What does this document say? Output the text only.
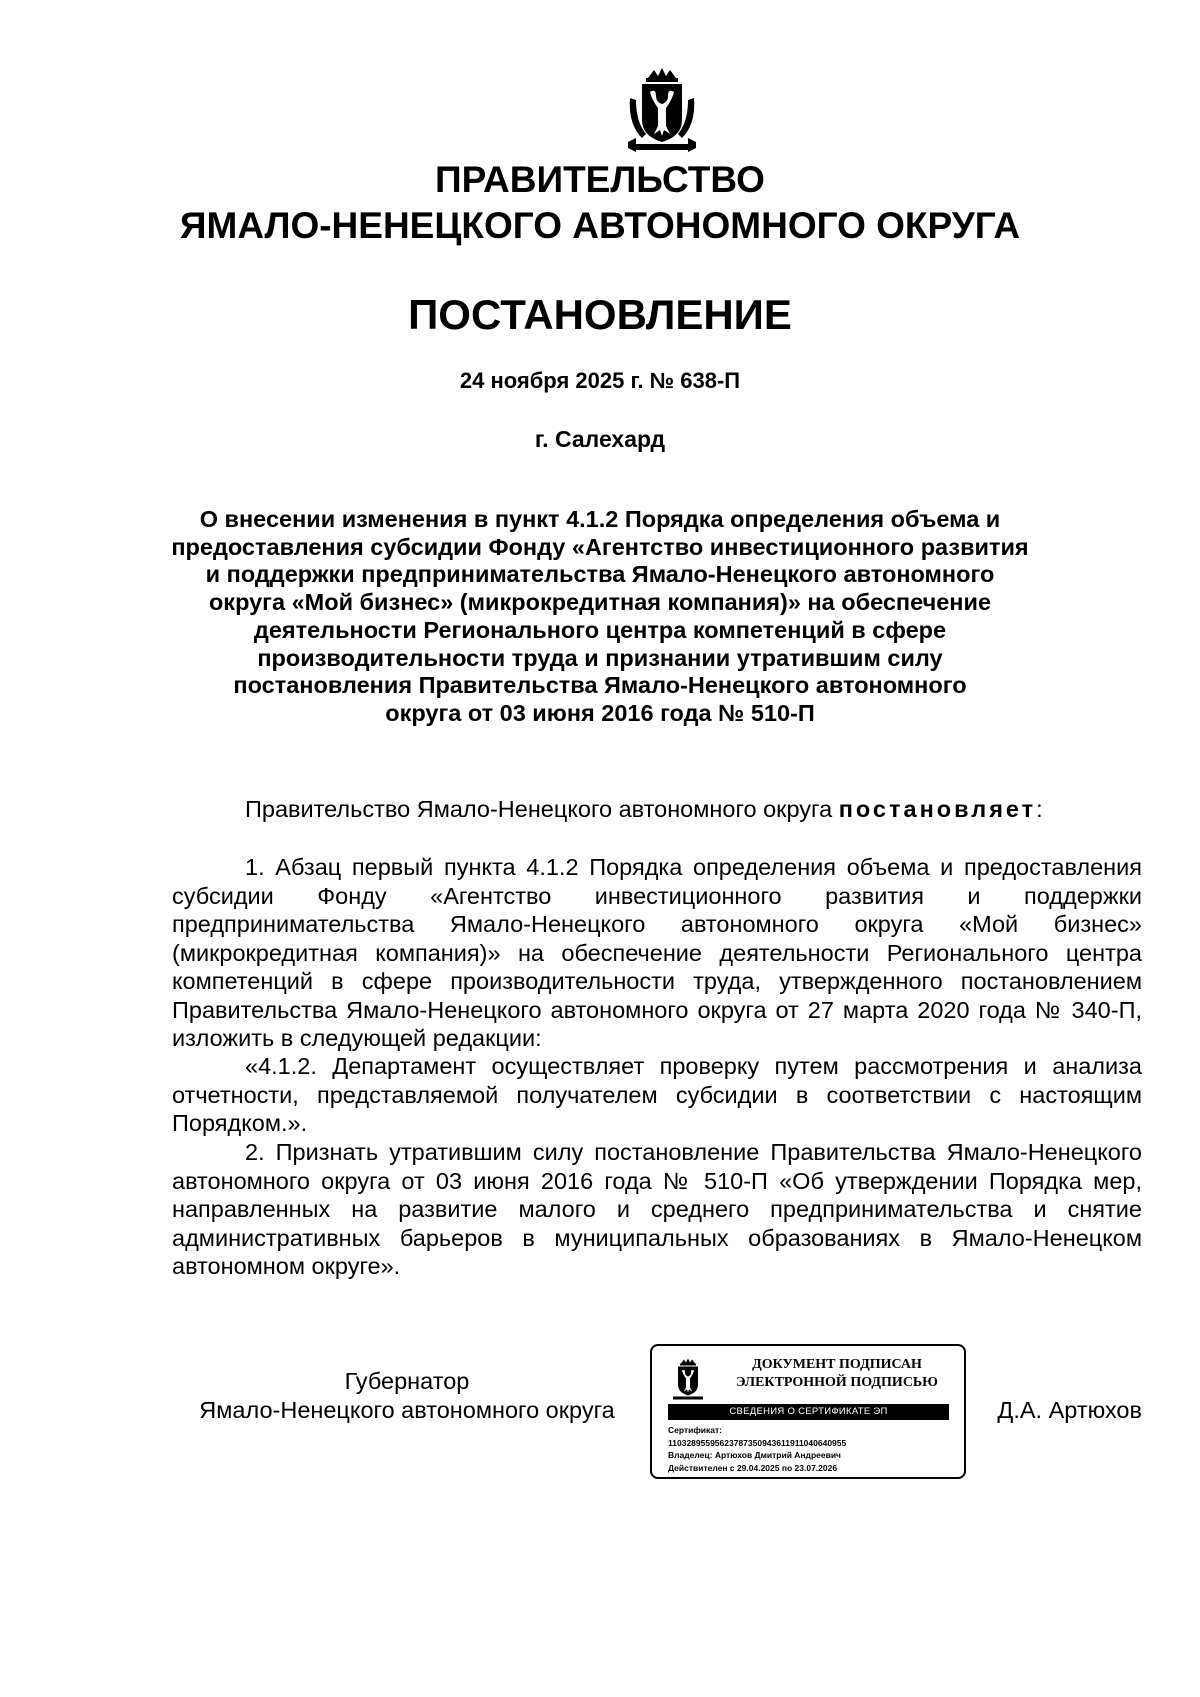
ПРАВИТЕЛЬСТВО
ЯМАЛО-НЕНЕЦКОГО АВТОНОМНОГО ОКРУГА
ПОСТАНОВЛЕНИЕ
24 ноября 2025 г. № 638-П
г. Салехард
О внесении изменения в пункт 4.1.2 Порядка определения объема и
предоставления субсидии Фонду «Агентство инвестиционного развития
и поддержки предпринимательства Ямало-Ненецкого автономного
округа «Мой бизнес» (микрокредитная компания)» на обеспечение
деятельности Регионального центра компетенций в сфере
производительности труда и признании утратившим силу
постановления Правительства Ямало-Ненецкого автономного
округа от 03 июня 2016 года № 510-П
Правительство Ямало-Ненецкого автономного округа постановляет:
1. Абзац первый пункта 4.1.2 Порядка определения объема и предоставления субсидии Фонду «Агентство инвестиционного развития и поддержки предпринимательства Ямало-Ненецкого автономного округа «Мой бизнес» (микрокредитная компания)» на обеспечение деятельности Регионального центра компетенций в сфере производительности труда, утвержденного постановлением Правительства Ямало-Ненецкого автономного округа от 27 марта 2020 года № 340-П, изложить в следующей редакции:
«4.1.2. Департамент осуществляет проверку путем рассмотрения и анализа отчетности, представляемой получателем субсидии в соответствии с настоящим Порядком.».
2. Признать утратившим силу постановление Правительства Ямало-Ненецкого автономного округа от 03 июня 2016 года № 510-П «Об утверждении Порядка мер, направленных на развитие малого и среднего предпринимательства и снятие административных барьеров в муниципальных образованиях в Ямало-Ненецком автономном округе».
Губернатор
Ямало-Ненецкого автономного округа
ДОКУМЕНТ ПОДПИСАН
ЭЛЕКТРОННОЙ ПОДПИСЬЮ
СВЕДЕНИЯ О СЕРТИФИКАТЕ ЭП
Сертификат:
11032895595623787350943611911040640955
Владелец: Артюхов Дмитрий Андреевич
Действителен с 29.04.2025 по 23.07.2026
Д.А. Артюхов
